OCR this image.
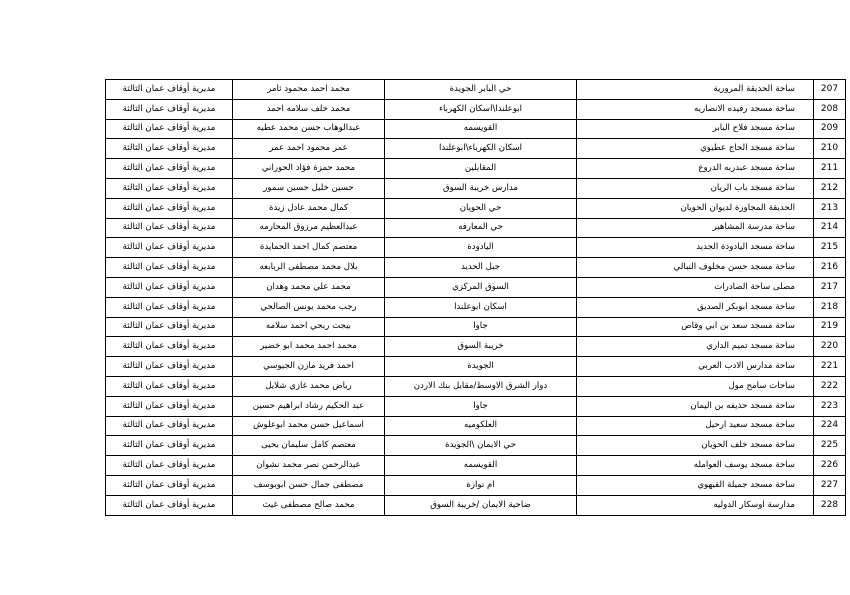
207	ساحة الحديقة المرورية	حي البابر الجويدة	محمد احمد محمود ثامر	مديرية أوقاف عمان الثالثة
208	ساحة مسجد رفيده الانصاريه	ابوعلندا\اسكان الكهرباء	محمد خلف سلامه احمد	مديرية أوقاف عمان الثالثة
209	ساحة مسجد فلاح البابر	القويسمه	عبدالوهاب حسن محمد عطيه	مديرية أوقاف عمان الثالثة
210	ساحة مسجد الحاج عطيوي	اسكان الكهرباء\ابوعلندا	عمر محمود احمد عمر	مديرية أوقاف عمان الثالثة
211	ساحة مسجد عبدربه الدروع	المقابلين	محمد حمزة فؤاد الحوراني	مديرية أوقاف عمان الثالثة
212	ساحة مسجد باب الريان	مدارس خريبة السوق	حسين خليل حسين سمور	مديرية أوقاف عمان الثالثة
213	الحديقة المجاورة لديوان الحويان	حي الحويان	كمال محمد عادل زيدة	مديرية أوقاف عمان الثالثة
214	ساحة مدرسة المشاهير	حي المعارفه	عبدالعظيم مرزوق المحارمه	مديرية أوقاف عمان الثالثة
215	ساحة مسجد اليادودة الجديد	اليادودة	معتصم كمال احمد الحمايدة	مديرية أوقاف عمان الثالثة
216	ساحة مسجد حسن مخلوف النبالي	جبل الحديد	بلال محمد مصطفى الربابعه	مديرية أوقاف عمان الثالثة
217	مصلى ساحة الصادرات	السوق المركزي	محمد علي محمد وهدان	مديرية أوقاف عمان الثالثة
218	ساحة مسجد ابوبكر الصديق	اسكان ابوعلندا	رجب محمد يونس الصالحي	مديرية أوقاف عمان الثالثة
219	ساحة مسجد سعد بن ابي وقاص	جاوا	بيجت ربحي احمد سلامه	مديرية أوقاف عمان الثالثة
220	ساحة مسجد تميم الداري	خريبة السوق	محمد احمد محمد ابو خضير	مديرية أوقاف عمان الثالثة
221	ساحة مدارس الادب العربي	الجويدة	احمد فريد مازن الجيوسي	مديرية أوقاف عمان الثالثة
222	ساحات سامح مول	دوار الشرق الاوسط/مقابل بنك الاردن	رياض محمد غازي شلايل	مديرية أوقاف عمان الثالثة
223	ساحة مسجد حذيفه بن اليمان	جاوا	عبد الحكيم رشاد ابراهيم حسين	مديرية أوقاف عمان الثالثة
224	ساحة مسجد سعيد ارحيل	العلكوميه	اسماعيل حسن محمد ابوعلوش	مديرية أوقاف عمان الثالثة
225	ساحة مسجد خلف الحويان	حي الايمان \الجويدة	معتصم كامل سليمان يحيى	مديرية أوقاف عمان الثالثة
226	ساحة مسجد يوسف العوامله	القويسمه	عبدالرحمن نصر محمد نشوان	مديرية أوقاف عمان الثالثة
227	ساحة مسجد جميلة القيهوي	ام نوارة	مصطفى جمال حسن ابوبوسف	مديرية أوقاف عمان الثالثة
228	مدارسة اوسكار الدوليه	ضاحية الايمان /خريبة السوق	محمد صالح مصطفى غيث	مديرية أوقاف عمان الثالثة
